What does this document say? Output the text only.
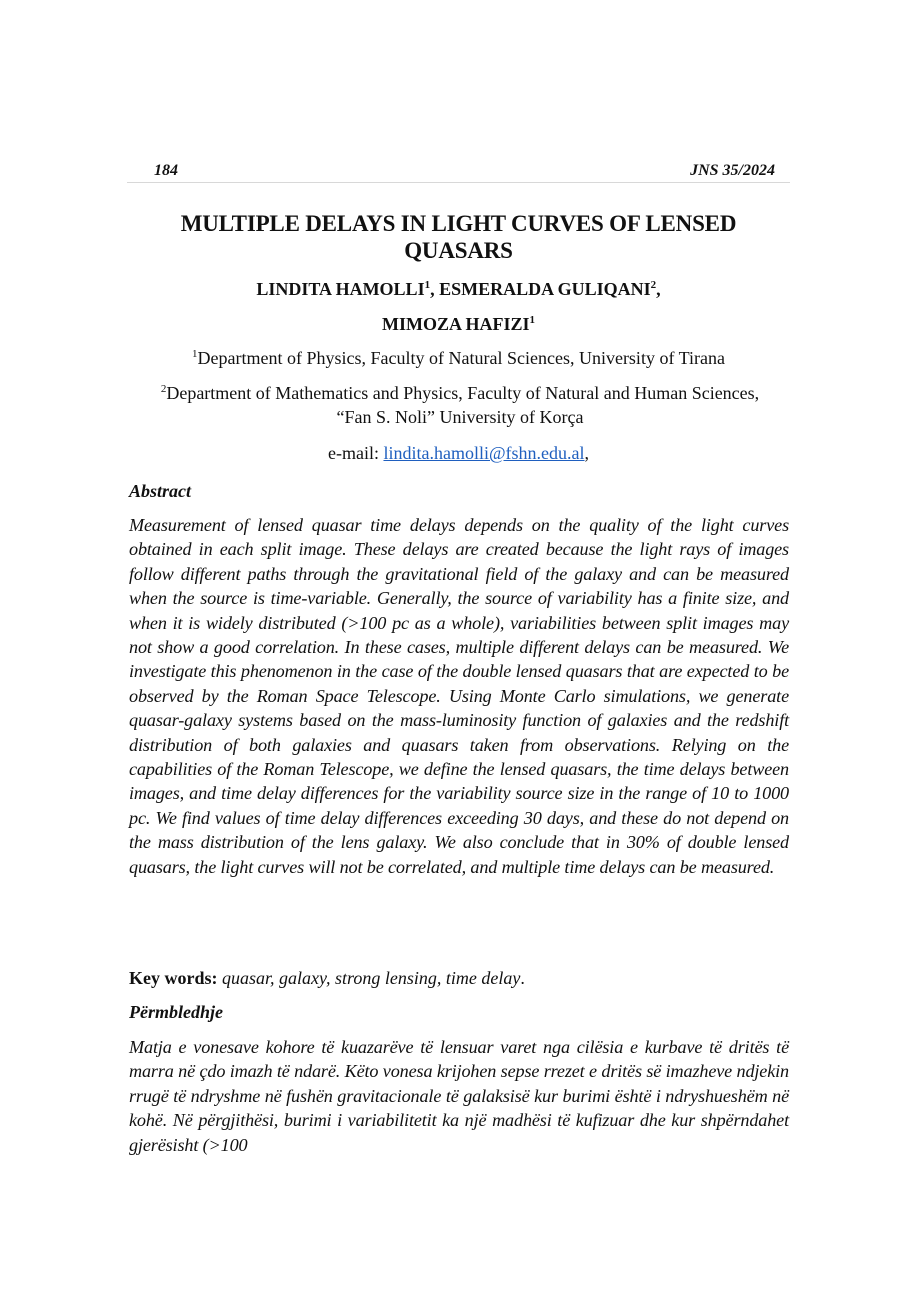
184	JNS 35/2024
MULTIPLE DELAYS IN LIGHT CURVES OF LENSED QUASARS
LINDITA HAMOLLI$^1$, ESMERALDA GULIQANI$^2$,
MIMOZA HAFIZI$^1$
$^1$Department of Physics, Faculty of Natural Sciences, University of Tirana
$^2$Department of Mathematics and Physics, Faculty of Natural and Human Sciences, “Fan S. Noli” University of Korça
e-mail: lindita.hamolli@fshn.edu.al,
Abstract
Measurement of lensed quasar time delays depends on the quality of the light curves obtained in each split image. These delays are created because the light rays of images follow different paths through the gravitational field of the galaxy and can be measured when the source is time-variable. Generally, the source of variability has a finite size, and when it is widely distributed (>100 pc as a whole), variabilities between split images may not show a good correlation. In these cases, multiple different delays can be measured. We investigate this phenomenon in the case of the double lensed quasars that are expected to be observed by the Roman Space Telescope. Using Monte Carlo simulations, we generate quasar-galaxy systems based on the mass-luminosity function of galaxies and the redshift distribution of both galaxies and quasars taken from observations. Relying on the capabilities of the Roman Telescope, we define the lensed quasars, the time delays between images, and time delay differences for the variability source size in the range of 10 to 1000 pc. We find values of time delay differences exceeding 30 days, and these do not depend on the mass distribution of the lens galaxy. We also conclude that in 30% of double lensed quasars, the light curves will not be correlated, and multiple time delays can be measured.
Key words: quasar, galaxy, strong lensing, time delay.
Përmbledhje
Matja e vonesave kohore të kuazarëve të lensuar varet nga cilësia e kurbave të dritës të marra në çdo imazh të ndarë. Këto vonesa krijohen sepse rrezet e dritës së imazheve ndjekin rrugë të ndryshme në fushën gravitacionale të galaksisë kur burimi është i ndryshueshëm në kohë. Në përgjithësi, burimi i variabilitetit ka një madhësi të kufizuar dhe kur shpërndahet gjerësisht (>100
